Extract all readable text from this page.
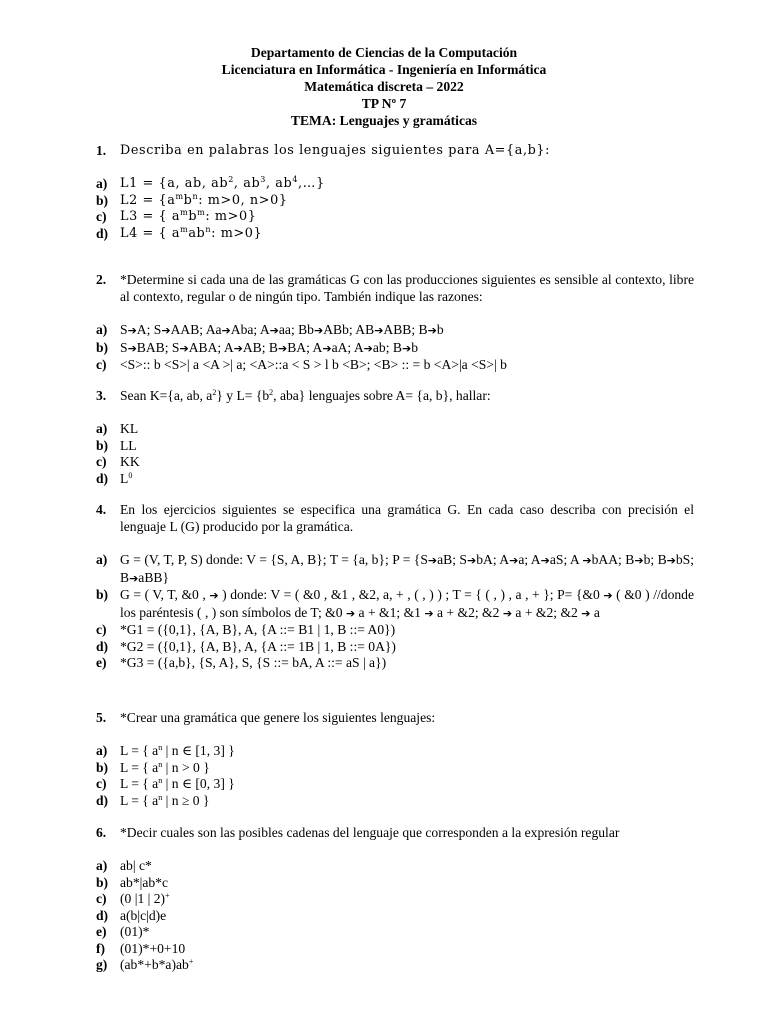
Departamento de Ciencias de la Computación
Licenciatura en Informática - Ingeniería en Informática
Matemática discreta – 2022
TP Nº 7
TEMA: Lenguajes y gramáticas
1.	Describa en palabras los lenguajes siguientes para A={a,b}:
a) L1 = {a, ab, $ab^2$, $ab^3$, $ab^4,\dots$}
b) $L2 = \{a^mb^n$: m>0, n>0}
c)	L3 = { $a^mb^m$: m>0}
d) L4 = { $a^mab^n$: m>0}
2.	*Determine si cada una de las gramáticas G con las producciones siguientes es sensible al contexto, libre al contexto, regular o de ningún tipo. También indique las razones:
a) S➔A; S➔AAB; Aa➔Aba; A➔aa; Bb➔ABb; AB➔ABB; B➔b
b) S➔BAB; S➔ABA; A➔AB; B➔BA; A➔aA; A➔ab; B➔b
c) <S>:: b <S>| a <A >| a; <A>::a < S > l b <B>; <B> :: = b <A>|a <S>| b
3.	Sean K={a, ab, $a^2$} y $L= \{b^2$, aba} lenguajes sobre A= {a, b}, hallar:
a) KL
b) LL
c) KK
d) $L^0$
4.	En los ejercicios siguientes se especifica una gramática G. En cada caso describa con precisión el lenguaje L (G) producido por la gramática.
a) G = (V, T, P, S) donde: V = {S, A, B}; T = {a, b}; P = {S➔aB; S➔bA; A➔a; A➔aS; A ➔bAA; B➔b; B➔bS; B➔aBB}
b) G = ( V, T, &0 , ➔ ) donde: V = ( &0 , &1 , &2, a, + , ( , ) ) ; T = { ( , ) , a , + }; P= {&0 ➔ ( &0 ) //donde los paréntesis ( , ) son símbolos de T; &0 ➔ a + &1; &1 ➔ a + &2; &2 ➔ a + &2; &2 ➔ a
c) *G1 = ({0,1}, {A, B}, A, {A ::= B1 | 1, B ::= A0})
d) *G2 = ({0,1}, {A, B}, A, {A ::= 1B | 1, B ::= 0A})
e) *G3 = ({a,b}, {S, A}, S, {S ::= bA, A ::= aS | a})
5.	*Crear una gramática que genere los siguientes lenguajes:
a) L = { $a^n$ | n ∈ [1, 3] }
b) L = { $a^n$ | n > 0 }
c) L = { $a^n$ | n ∈ [0, 3] }
d) L = { $a^n$ | n ≥ 0 }
6.	*Decir cuales son las posibles cadenas del lenguaje que corresponden a la expresión regular
a) ab| c*
b) ab*|ab*c
c) (0 |1 | 2)+
d) a(b|c|d)e
e) (01)*
f)	(01)*+0+10
g) (ab*+b*a)ab+
